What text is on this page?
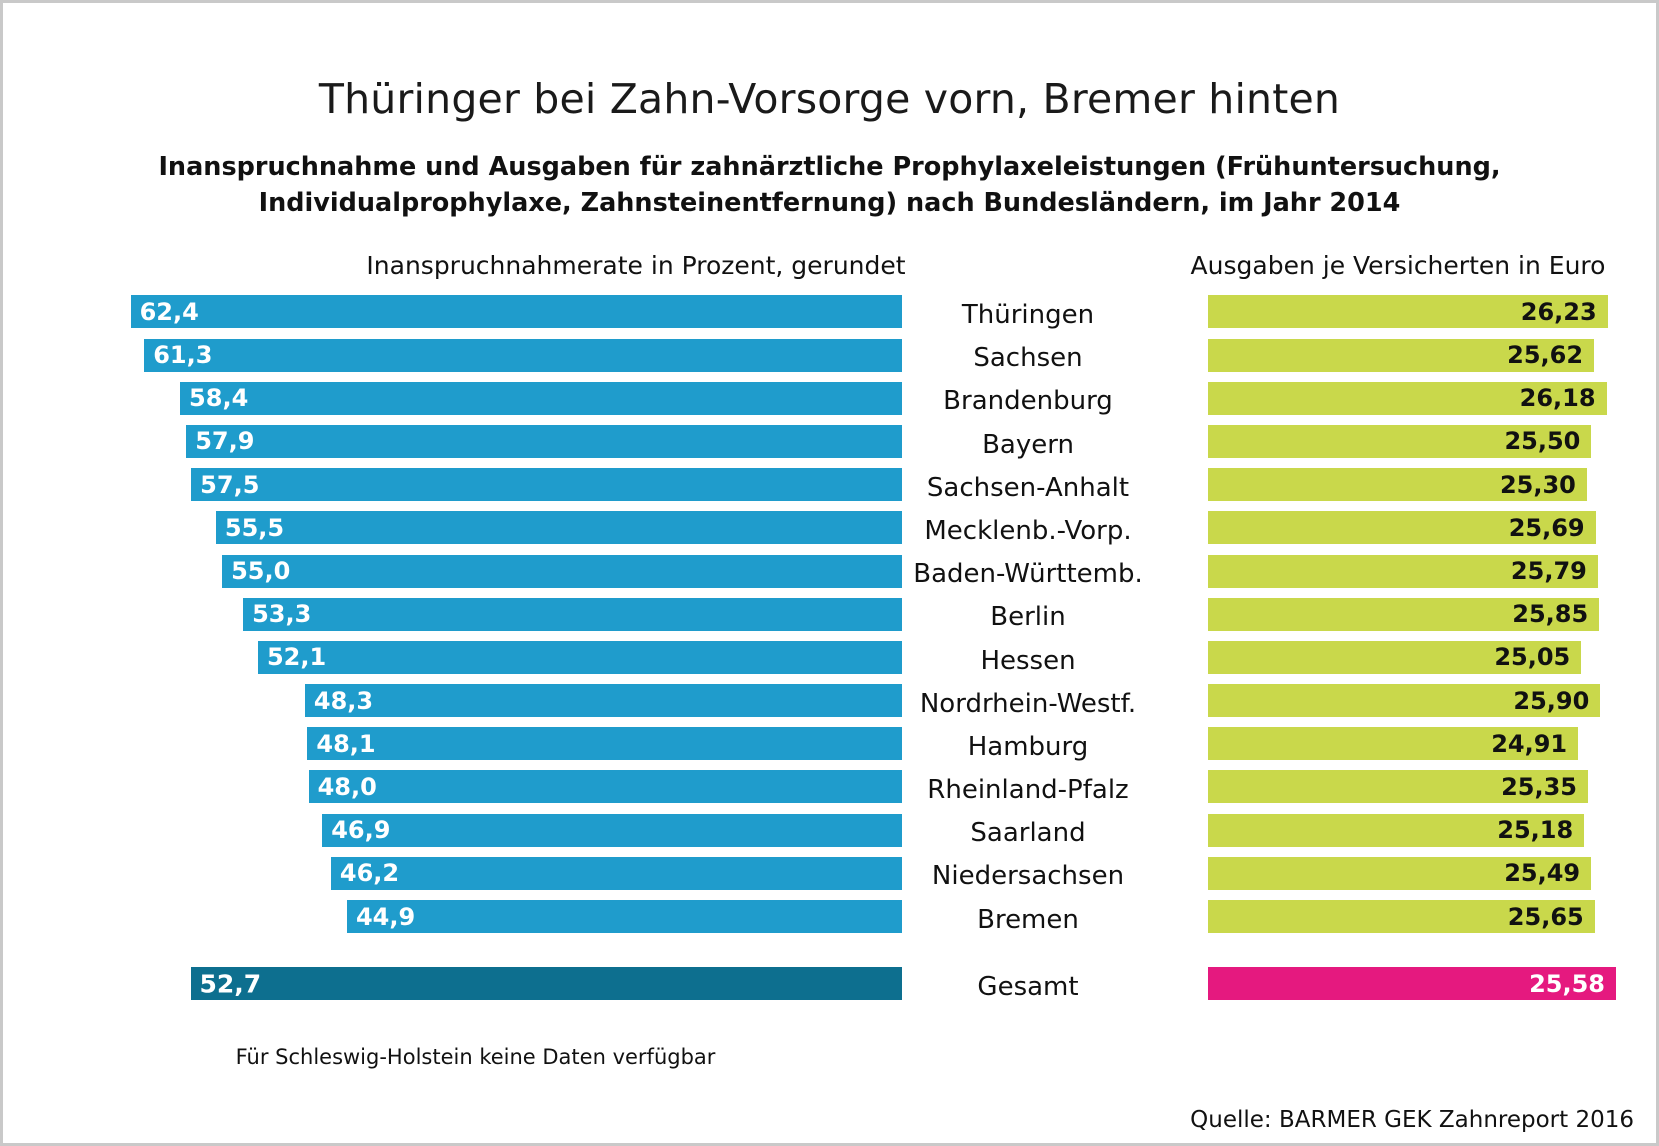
Thüringer bei Zahn-Vorsorge vorn, Bremer hinten
Inanspruchnahme und Ausgaben für zahnärztliche Prophylaxeleistungen (Frühuntersuchung, Individualprophylaxe, Zahnsteinentfernung) nach Bundesländern, im Jahr 2014
Inanspruchnahmerate in Prozent, gerundet	Ausgaben je Versicherten in Euro
62,4	Thüringen	26,23
61,3	Sachsen	25,62
58,4	Brandenburg	26,18
57,9	Bayern	25,50
57,5	Sachsen-Anhalt	25,30
55,5	Mecklenb.-Vorp.	25,69
55,0	Baden-Württemb.	25,79
53,3	Berlin	25,85
52,1	Hessen	25,05
48,3	Nordrhein-Westf.	25,90
48,1	Hamburg	24,91
48,0	Rheinland-Pfalz	25,35
46,9	Saarland	25,18
46,2	Niedersachsen	25,49
44,9	Bremen	25,65
52,7	Gesamt	25,58
Für Schleswig-Holstein keine Daten verfügbar
Quelle: BARMER GEK Zahnreport 2016
